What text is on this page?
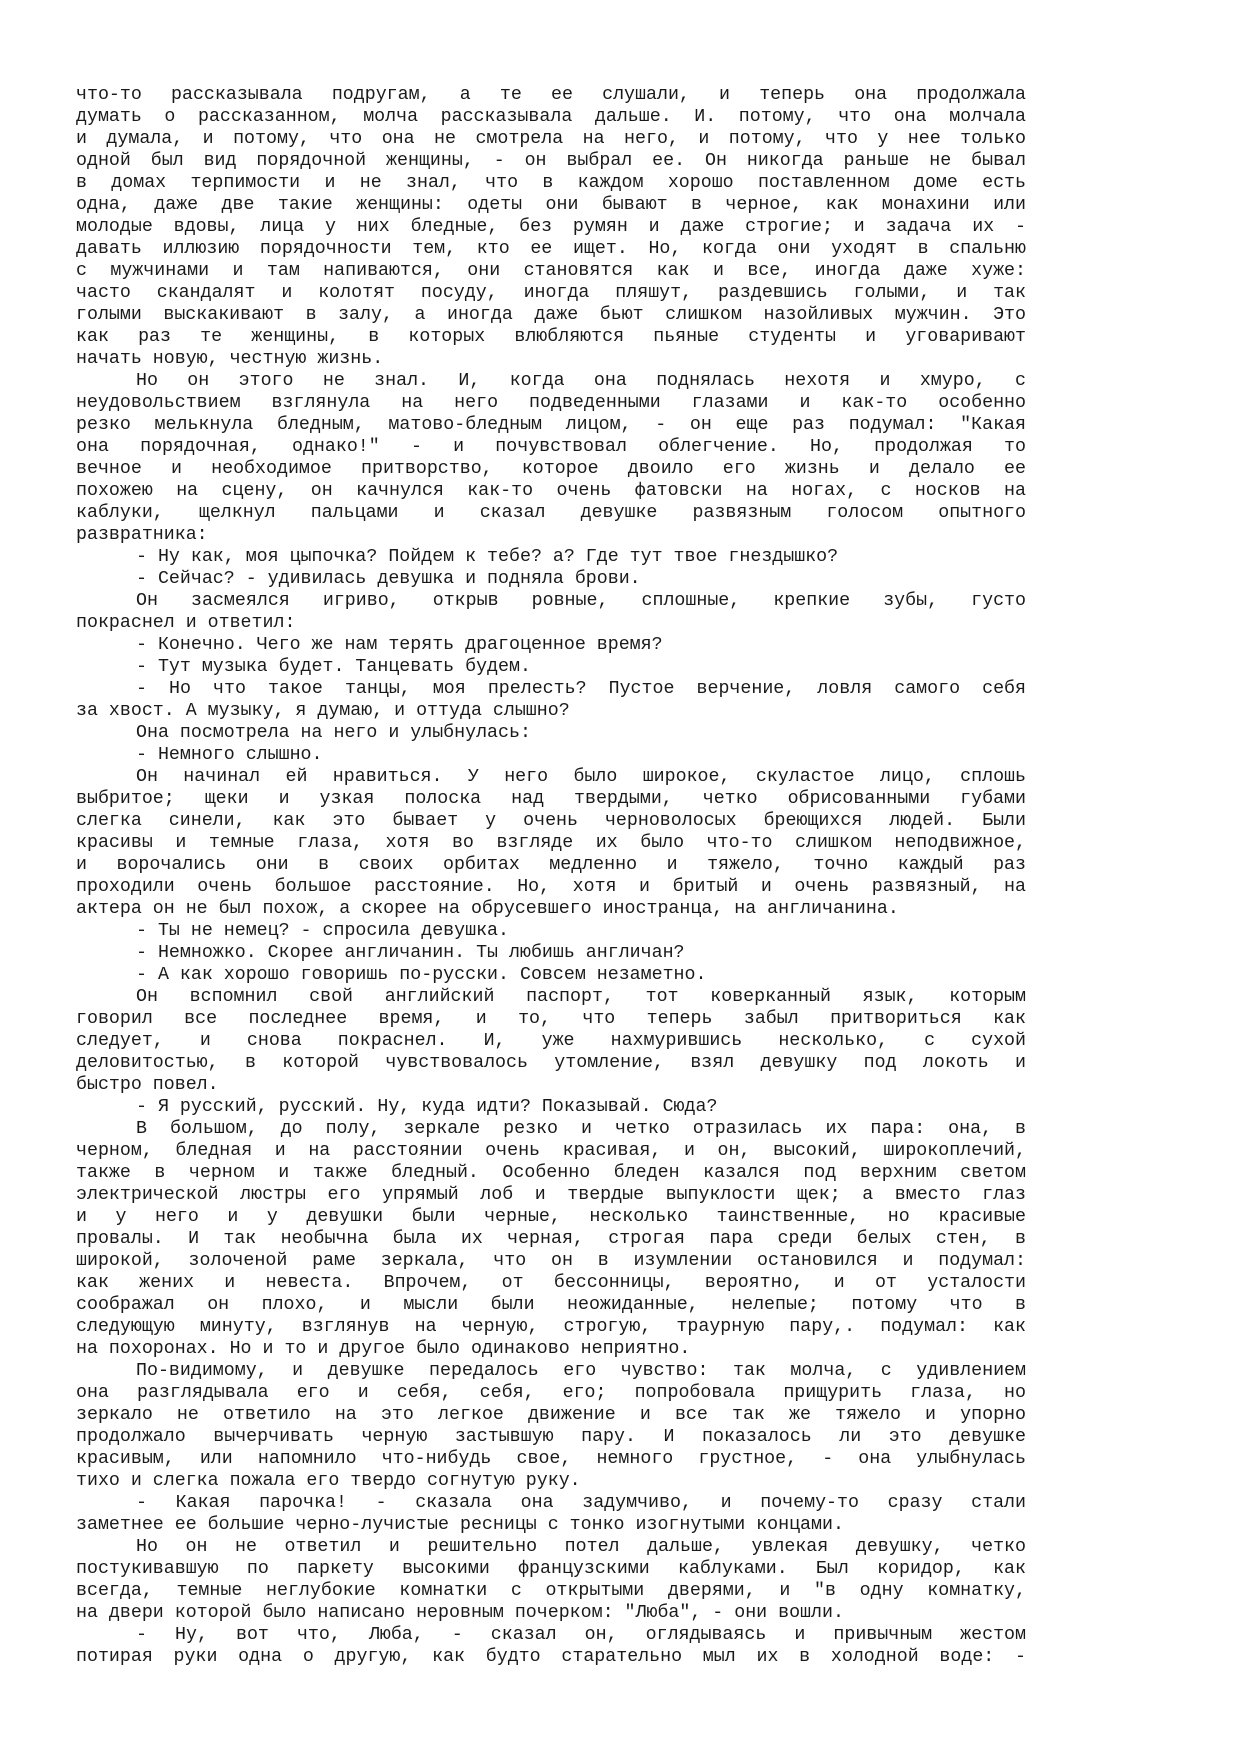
что-то рассказывала подругам, а те ее слушали, и теперь она продолжала
думать о рассказанном, молча рассказывала дальше. И. потому, что она молчала
и думала, и потому, что она не смотрела на него, и потому, что у нее только
одной был вид порядочной женщины, - он выбрал ее. Он никогда раньше не бывал
в домах терпимости и не знал, что в каждом хорошо поставленном доме есть
одна, даже две такие женщины: одеты они бывают в черное, как монахини или
молодые вдовы, лица у них бледные, без румян и даже строгие; и задача их -
давать иллюзию порядочности тем, кто ее ищет. Но, когда они уходят в спальню
с мужчинами и там напиваются, они становятся как и все, иногда даже хуже:
часто скандалят и колотят посуду, иногда пляшут, раздевшись голыми, и так
голыми выскакивают в залу, а иногда даже бьют слишком назойливых мужчин. Это
как раз те женщины, в которых влюбляются пьяные студенты и уговаривают
начать новую, честную жизнь.
Но он этого не знал. И, когда она поднялась нехотя и хмуро, с
неудовольствием взглянула на него подведенными глазами и как-то особенно
резко мелькнула бледным, матово-бледным лицом, - он еще раз подумал: "Какая
она порядочная, однако!" - и почувствовал облегчение. Но, продолжая то
вечное и необходимое притворство, которое двоило его жизнь и делало ее
похожею на сцену, он качнулся как-то очень фатовски на ногах, с носков на
каблуки, щелкнул пальцами и сказал девушке развязным голосом опытного
развратника:
- Ну как, моя цыпочка? Пойдем к тебе? а? Где тут твое гнездышко?
- Сейчас? - удивилась девушка и подняла брови.
Он засмеялся игриво, открыв ровные, сплошные, крепкие зубы, густо
покраснел и ответил:
- Конечно. Чего же нам терять драгоценное время?
- Тут музыка будет. Танцевать будем.
- Но что такое танцы, моя прелесть? Пустое верчение, ловля самого себя
за хвост. А музыку, я думаю, и оттуда слышно?
Она посмотрела на него и улыбнулась:
- Немного слышно.
Он начинал ей нравиться. У него было широкое, скуластое лицо, сплошь
выбритое; щеки и узкая полоска над твердыми, четко обрисованными губами
слегка синели, как это бывает у очень черноволосых бреющихся людей. Были
красивы и темные глаза, хотя во взгляде их было что-то слишком неподвижное,
и ворочались они в своих орбитах медленно и тяжело, точно каждый раз
проходили очень большое расстояние. Но, хотя и бритый и очень развязный, на
актера он не был похож, а скорее на обрусевшего иностранца, на англичанина.
- Ты не немец? - спросила девушка.
- Немножко. Скорее англичанин. Ты любишь англичан?
- А как хорошо говоришь по-русски. Совсем незаметно.
Он вспомнил свой английский паспорт, тот коверканный язык, которым
говорил все последнее время, и то, что теперь забыл притвориться как
следует, и снова покраснел. И, уже нахмурившись несколько, с сухой
деловитостью, в которой чувствовалось утомление, взял девушку под локоть и
быстро повел.
- Я русский, русский. Ну, куда идти? Показывай. Сюда?
В большом, до полу, зеркале резко и четко отразилась их пара: она, в
черном, бледная и на расстоянии очень красивая, и он, высокий, широкоплечий,
также в черном и также бледный. Особенно бледен казался под верхним светом
электрической люстры его упрямый лоб и твердые выпуклости щек; а вместо глаз
и у него и у девушки были черные, несколько таинственные, но красивые
провалы. И так необычна была их черная, строгая пара среди белых стен, в
широкой, золоченой раме зеркала, что он в изумлении остановился и подумал:
как жених и невеста. Впрочем, от бессонницы, вероятно, и от усталости
соображал он плохо, и мысли были неожиданные, нелепые; потому что в
следующую минуту, взглянув на черную, строгую, траурную пару,. подумал: как
на похоронах. Но и то и другое было одинаково неприятно.
По-видимому, и девушке передалось его чувство: так молча, с удивлением
она разглядывала его и себя, себя, его; попробовала прищурить глаза, но
зеркало не ответило на это легкое движение и все так же тяжело и упорно
продолжало вычерчивать черную застывшую пару. И показалось ли это девушке
красивым, или напомнило что-нибудь свое, немного грустное, - она улыбнулась
тихо и слегка пожала его твердо согнутую руку.
- Какая парочка! - сказала она задумчиво, и почему-то сразу стали
заметнее ее большие черно-лучистые ресницы с тонко изогнутыми концами.
Но он не ответил и решительно потел дальше, увлекая девушку, четко
постукивавшую по паркету высокими французскими каблуками. Был коридор, как
всегда, темные неглубокие комнатки с открытыми дверями, и "в одну комнатку,
на двери которой было написано неровным почерком: "Люба", - они вошли.
- Ну, вот что, Люба, - сказал он, оглядываясь и привычным жестом
потирая руки одна о другую, как будто старательно мыл их в холодной воде: -
